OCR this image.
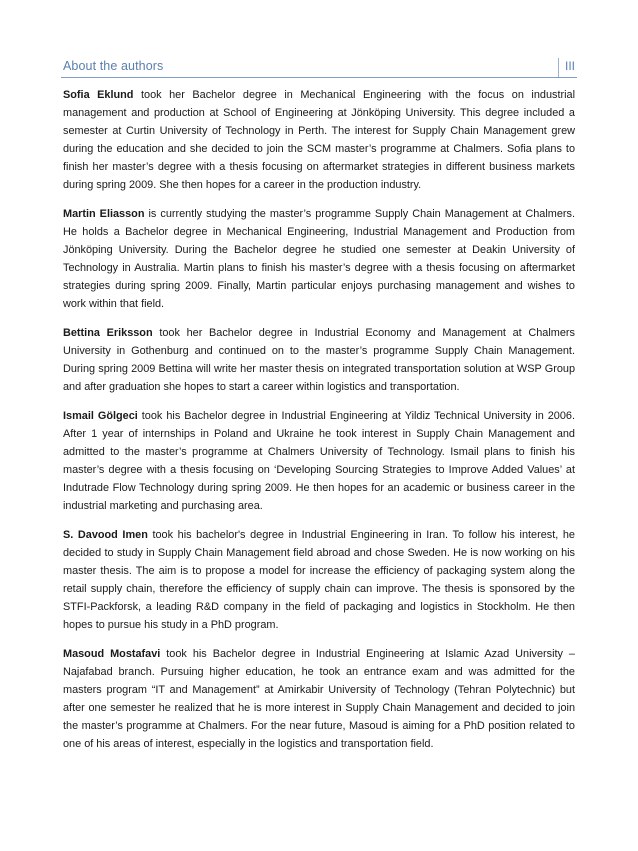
About the authors	III

Sofia Eklund took her Bachelor degree in Mechanical Engineering with the focus on industrial management and production at School of Engineering at Jönköping University. This degree included a semester at Curtin University of Technology in Perth. The interest for Supply Chain Management grew during the education and she decided to join the SCM master’s programme at Chalmers. Sofia plans to finish her master’s degree with a thesis focusing on aftermarket strategies in different business markets during spring 2009. She then hopes for a career in the production industry.

Martin Eliasson is currently studying the master’s programme Supply Chain Management at Chalmers. He holds a Bachelor degree in Mechanical Engineering, Industrial Management and Production from Jönköping University. During the Bachelor degree he studied one semester at Deakin University of Technology in Australia. Martin plans to finish his master’s degree with a thesis focusing on aftermarket strategies during spring 2009. Finally, Martin particular enjoys purchasing management and wishes to work within that field.

Bettina Eriksson took her Bachelor degree in Industrial Economy and Management at Chalmers University in Gothenburg and continued on to the master’s programme Supply Chain Management. During spring 2009 Bettina will write her master thesis on integrated transportation solution at WSP Group and after graduation she hopes to start a career within logistics and transportation.

Ismail Gölgeci took his Bachelor degree in Industrial Engineering at Yildiz Technical University in 2006. After 1 year of internships in Poland and Ukraine he took interest in Supply Chain Management and admitted to the master’s programme at Chalmers University of Technology. Ismail plans to finish his master’s degree with a thesis focusing on ‘Developing Sourcing Strategies to Improve Added Values’ at Indutrade Flow Technology during spring 2009. He then hopes for an academic or business career in the industrial marketing and purchasing area.

S. Davood Imen took his bachelor's degree in Industrial Engineering in Iran. To follow his interest, he decided to study in Supply Chain Management field abroad and chose Sweden. He is now working on his master thesis. The aim is to propose a model for increase the efficiency of packaging system along the retail supply chain, therefore the efficiency of supply chain can improve. The thesis is sponsored by the STFI-Packforsk, a leading R&D company in the field of packaging and logistics in Stockholm. He then hopes to pursue his study in a PhD program.

Masoud Mostafavi took his Bachelor degree in Industrial Engineering at Islamic Azad University – Najafabad branch. Pursuing higher education, he took an entrance exam and was admitted for the masters program “IT and Management” at Amirkabir University of Technology (Tehran Polytechnic) but after one semester he realized that he is more interest in Supply Chain Management and decided to join the master’s programme at Chalmers. For the near future, Masoud is aiming for a PhD position related to one of his areas of interest, especially in the logistics and transportation field.
